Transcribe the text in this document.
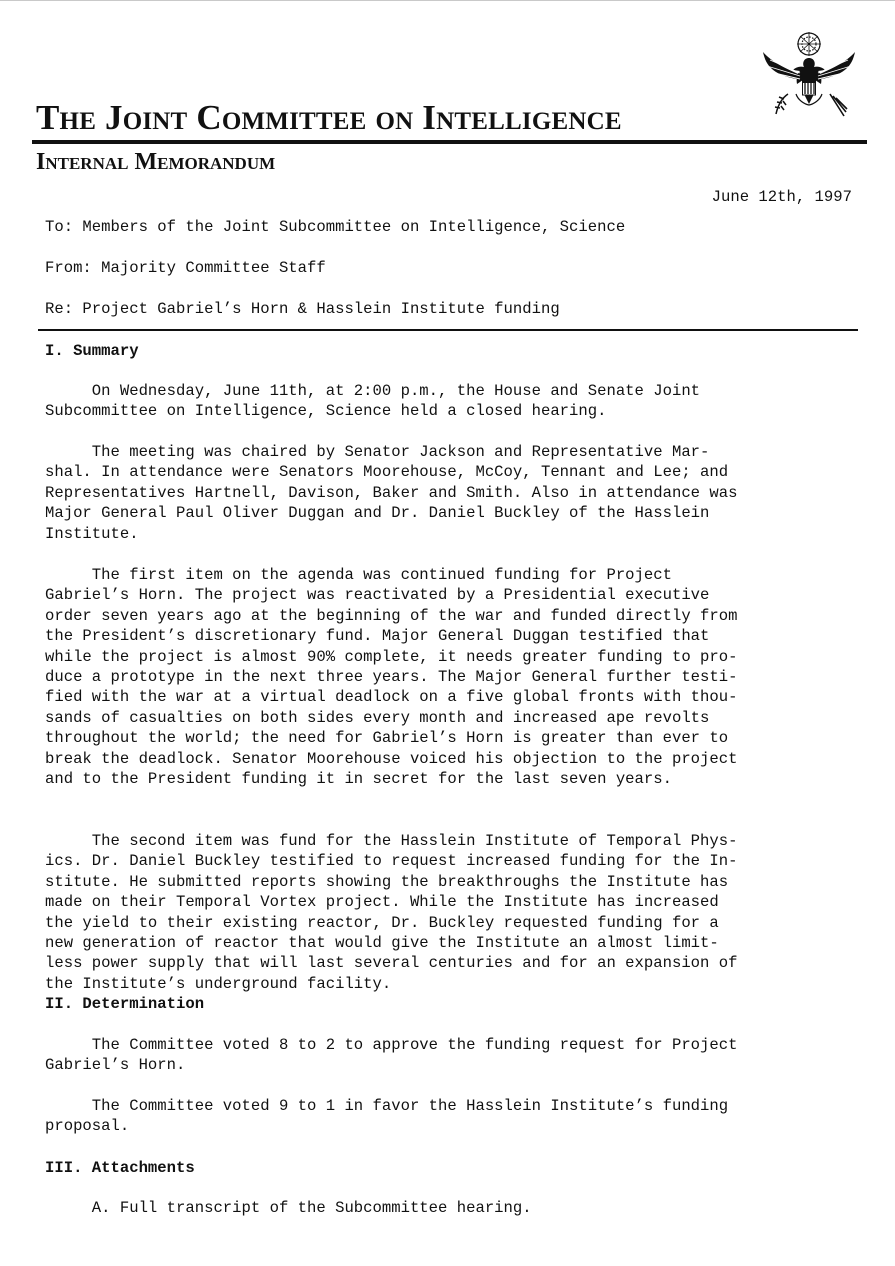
The Joint Committee on Intelligence
Internal Memorandum
June 12th, 1997
To: Members of the Joint Subcommittee on Intelligence, Science
From: Majority Committee Staff
Re: Project Gabriel’s Horn & Hasslein Institute funding
I. Summary
On Wednesday, June 11th, at 2:00 p.m., the House and Senate Joint
Subcommittee on Intelligence, Science held a closed hearing.
The meeting was chaired by Senator Jackson and Representative Mar-
shal. In attendance were Senators Moorehouse, McCoy, Tennant and Lee; and
Representatives Hartnell, Davison, Baker and Smith. Also in attendance was
Major General Paul Oliver Duggan and Dr. Daniel Buckley of the Hasslein
Institute.
The first item on the agenda was continued funding for Project
Gabriel’s Horn. The project was reactivated by a Presidential executive
order seven years ago at the beginning of the war and funded directly from
the President’s discretionary fund. Major General Duggan testified that
while the project is almost 90% complete, it needs greater funding to pro-
duce a prototype in the next three years. The Major General further testi-
fied with the war at a virtual deadlock on a five global fronts with thou-
sands of casualties on both sides every month and increased ape revolts
throughout the world; the need for Gabriel’s Horn is greater than ever to
break the deadlock. Senator Moorehouse voiced his objection to the project
and to the President funding it in secret for the last seven years.
The second item was fund for the Hasslein Institute of Temporal Phys-
ics. Dr. Daniel Buckley testified to request increased funding for the In-
stitute. He submitted reports showing the breakthroughs the Institute has
made on their Temporal Vortex project. While the Institute has increased
the yield to their existing reactor, Dr. Buckley requested funding for a
new generation of reactor that would give the Institute an almost limit-
less power supply that will last several centuries and for an expansion of
the Institute’s underground facility.
II. Determination
The Committee voted 8 to 2 to approve the funding request for Project
Gabriel’s Horn.
The Committee voted 9 to 1 in favor the Hasslein Institute’s funding
proposal.
III. Attachments
A. Full transcript of the Subcommittee hearing.
